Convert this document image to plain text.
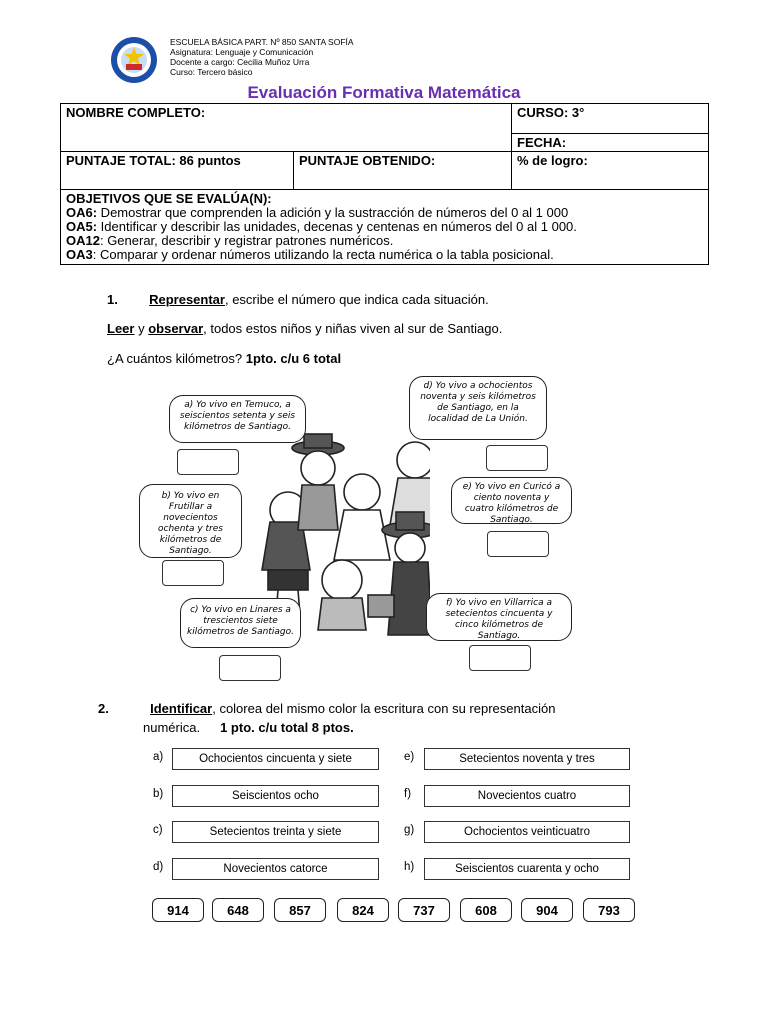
ESCUELA BÁSICA PART. Nº 850 SANTA SOFÍA
Asignatura: Lenguaje y Comunicación
Docente a cargo: Cecilia Muñoz Urra
Curso: Tercero básico
Evaluación Formativa Matemática
NOMBRE COMPLETO:		CURSO: 3°
		FECHA:
PUNTAJE TOTAL: 86 puntos	PUNTAJE OBTENIDO:	% de logro:

OBJETIVOS QUE SE EVALÚA(N):
OA6: Demostrar que comprenden la adición y la sustracción de números del 0 al 1 000
OA5: Identificar y describir las unidades, decenas y centenas en números del 0 al 1 000.
OA12: Generar, describir y registrar patrones numéricos.
OA3: Comparar y ordenar números utilizando la recta numérica o la tabla posicional.		
1. Representar, escribe el número que indica cada situación.
Leer y observar, todos estos niños y niñas viven al sur de Santiago.
¿A cuántos kilómetros? 1pto. c/u 6 total
a) Yo vivo en Temuco, a seiscientos setenta y seis kilómetros de Santiago.
b) Yo vivo en Frutillar a novecientos ochenta y tres kilómetros de Santiago.
c) Yo vivo en Linares a trescientos siete kilómetros de Santiago.
d) Yo vivo a ochocientos noventa y seis kilómetros de Santiago, en la localidad de La Unión.
e) Yo vivo en Curicó a ciento noventa y cuatro kilómetros de Santiago.
f) Yo vivo en Villarrica a setecientos cincuenta y cinco kilómetros de Santiago.
2.	Identificar, colorea del mismo color la escritura con su representación
numérica. 1 pto. c/u total 8 ptos.
a)	Ochocientos cincuenta y siete
b)	Seiscientos ocho
c)	Setecientos treinta y siete
d)	Novecientos catorce
e)	Setecientos noventa y tres
f)	Novecientos cuatro
g)	Ochocientos veinticuatro
h)	Seiscientos cuarenta y ocho
914	648	857	824	737	608	904	793
